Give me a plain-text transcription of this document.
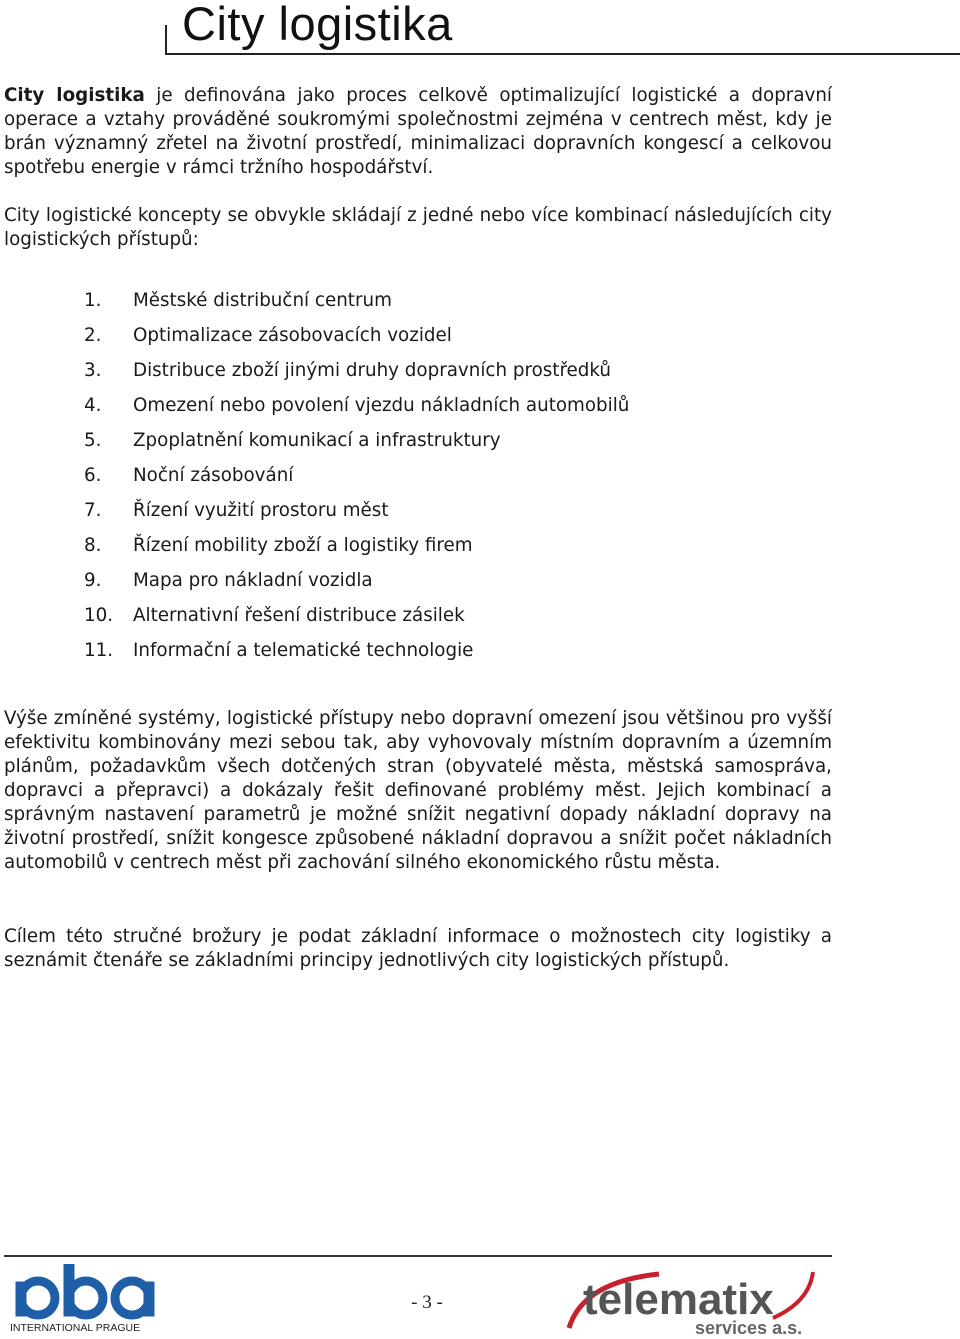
City logistika

City logistika je definována jako proces celkově optimalizující logistické a dopravní operace a vztahy prováděné soukromými společnostmi zejména v centrech měst, kdy je brán významný zřetel na životní prostředí, minimalizaci dopravních kongescí a celkovou spotřebu energie v rámci tržního hospodářství.

City logistické koncepty se obvykle skládají z jedné nebo více kombinací následujících city logistických přístupů:

1. Městské distribuční centrum
2. Optimalizace zásobovacích vozidel
3. Distribuce zboží jinými druhy dopravních prostředků
4. Omezení nebo povolení vjezdu nákladních automobilů
5. Zpoplatnění komunikací a infrastruktury
6. Noční zásobování
7. Řízení využití prostoru měst
8. Řízení mobility zboží a logistiky firem
9. Mapa pro nákladní vozidla
10. Alternativní řešení distribuce zásilek
11. Informační a telematické technologie

Výše zmíněné systémy, logistické přístupy nebo dopravní omezení jsou většinou pro vyšší efektivitu kombinovány mezi sebou tak, aby vyhovovaly místním dopravním a územním plánům, požadavkům všech dotčených stran (obyvatelé města, městská samospráva, dopravci a přepravci) a dokázaly řešit definované problémy měst. Jejich kombinací a správným nastavení parametrů je možné snížit negativní dopady nákladní dopravy na životní prostředí, snížit kongesce způsobené nákladní dopravou a snížit počet nákladních automobilů v centrech měst při zachování silného ekonomického růstu města.

Cílem této stručné brožury je podat základní informace o možnostech city logistiky a seznámit čtenáře se základními principy jednotlivých city logistických přístupů.

INTERNATIONAL PRAGUE
- 3 -	telematix
services a.s.
